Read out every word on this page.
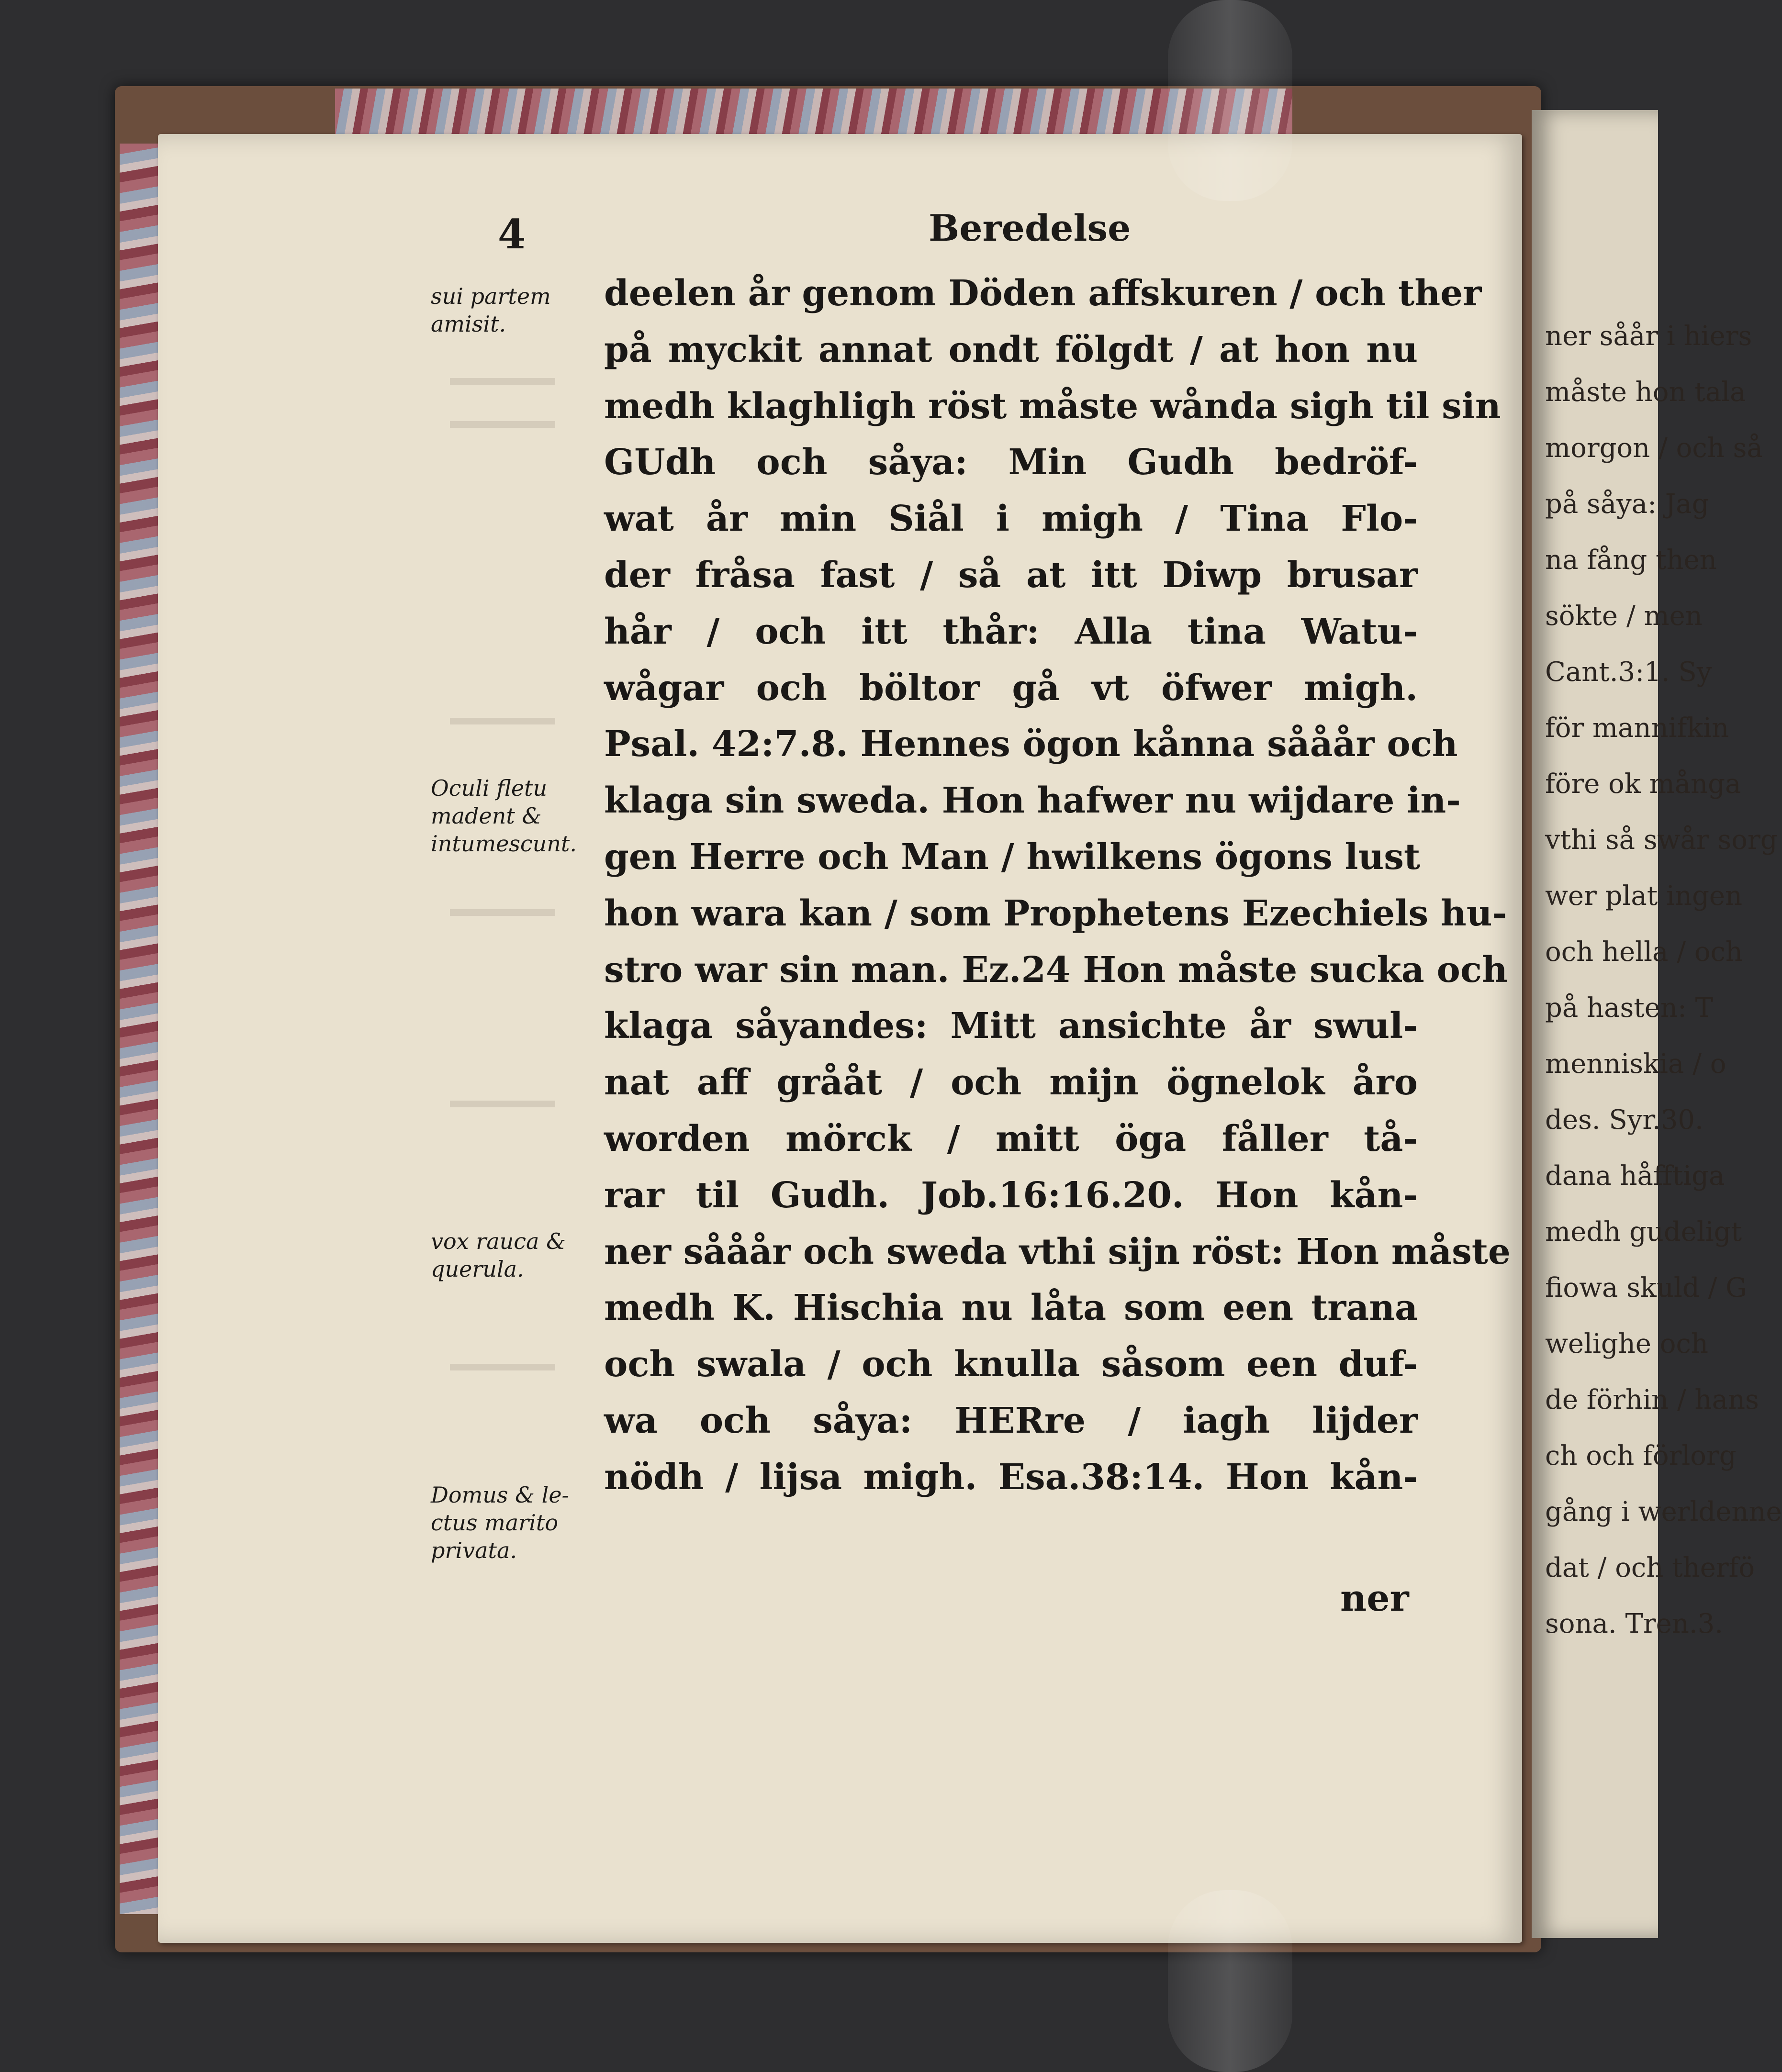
4	Beredelse
sui partem
amisit.
Oculi fletu
madent &
intumescunt.
vox rauca &
querula.
Domus & le-
ctus marito
privata.
deelen år genom Döden affskuren / och ther
på myckit annat ondt fölgdt / at hon nu
medh klaghligh röst måste wånda sigh til sin
GUdh och såya: Min Gudh bedröf-
wat år min Siål i migh / Tina Flo-
der fråsa fast / så at itt Diwp brusar
hår / och itt thår: Alla tina Watu-
wågar och böltor gå vt öfwer migh.
Psal. 42:7.8. Hennes ögon kånna sååår och
klaga sin sweda. Hon hafwer nu wijdare in-
gen Herre och Man / hwilkens ögons lust
hon wara kan / som Prophetens Ezechiels hu-
stro war sin man. Ez.24 Hon måste sucka och
klaga såyandes: Mitt ansichte år swul-
nat aff grååt / och mijn ögnelok åro
worden mörck / mitt öga fåller tå-
rar til Gudh. Job.16:16.20. Hon kån-
ner sååår och sweda vthi sijn röst: Hon måste
medh K. Hischia nu låta som een trana
och swala / och knulla såsom een duf-
wa och såya: HERre / iagh lijder
nödh / lijsa migh. Esa.38:14. Hon kån-
ner
ner såår i hiers
måste hon tala
morgon / och så
på såya: Jag
na fång then
sökte / men
Cant.3:1. Sy
för mannifkin
före ok många
vthi så swår sorg
wer plat ingen
och hella / och
på hasten: T
menniskia / o
des. Syr.30.
dana håfftiga
medh gudeligt
fiowa skuld / G
welighe och
de förhin / hans
ch och förlorg
gång i werldenne
dat / och therfö
sona. Tren.3.
